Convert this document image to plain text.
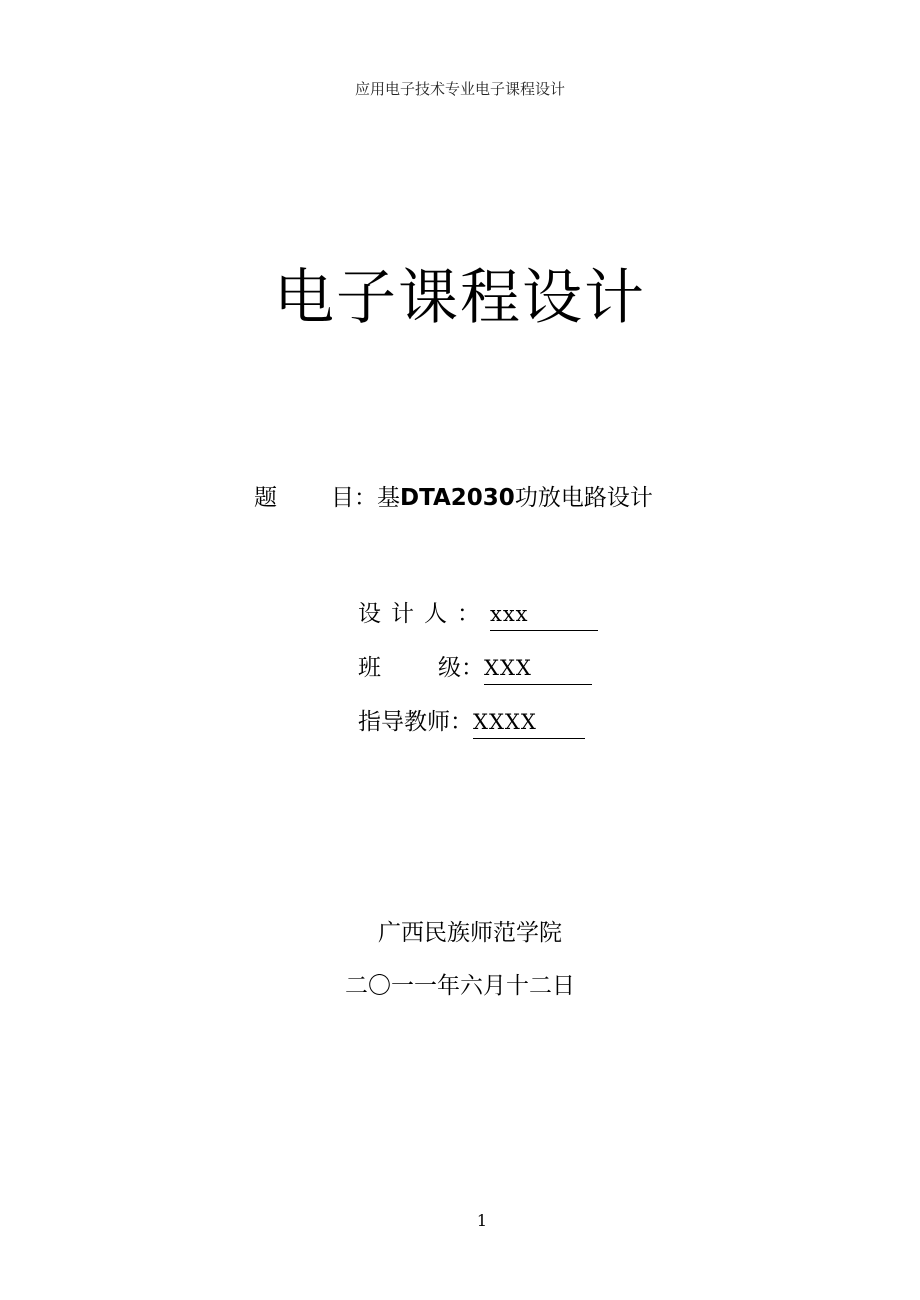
应用电子技术专业电子课程设计
电子课程设计
题 目：基DTA2030功放电路设计
设计人：xxx
班 级：XXX
指导教师：XXXX
广西民族师范学院
二〇一一年六月十二日
1
